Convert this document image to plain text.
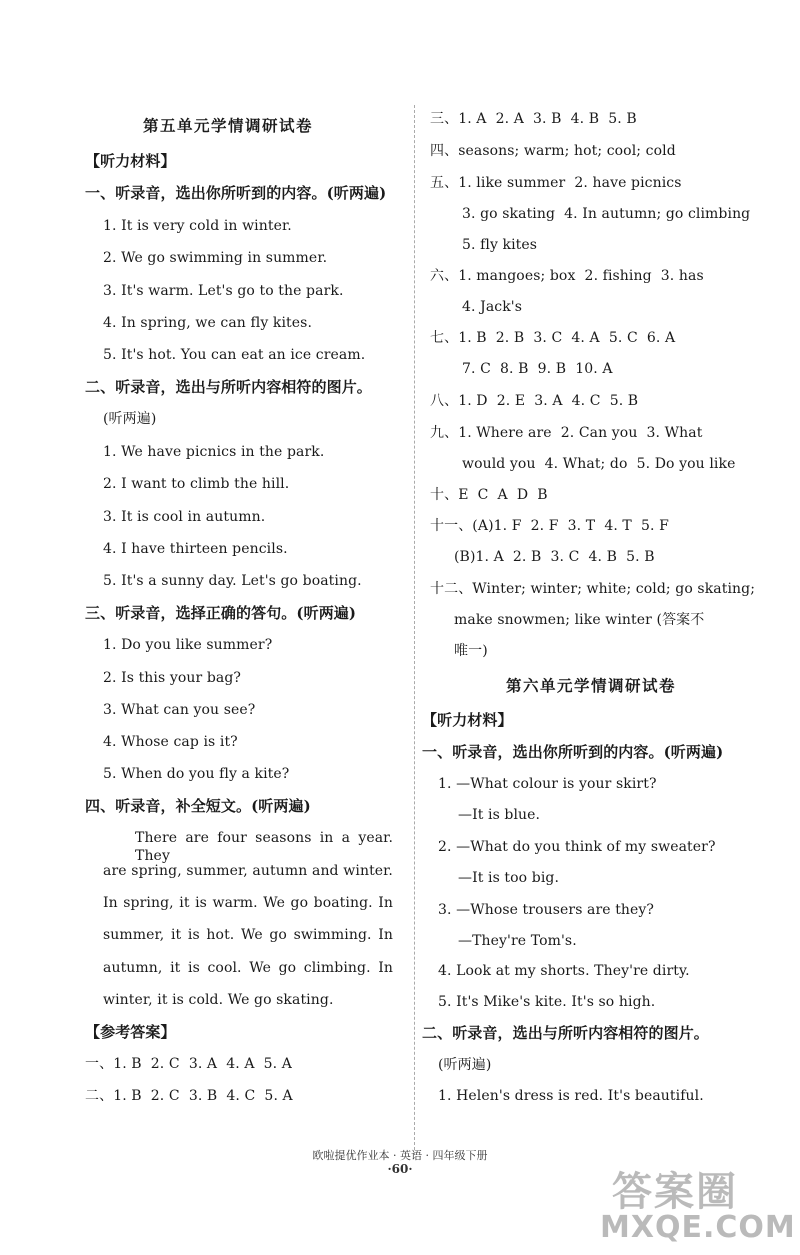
第五单元学情调研试卷
【听力材料】
一、听录音，选出你所听到的内容。(听两遍)
1. It is very cold in winter.
2. We go swimming in summer.
3. It's warm. Let's go to the park.
4. In spring, we can fly kites.
5. It's hot. You can eat an ice cream.
二、听录音，选出与所听内容相符的图片。
(听两遍)
1. We have picnics in the park.
2. I want to climb the hill.
3. It is cool in autumn.
4. I have thirteen pencils.
5. It's a sunny day. Let's go boating.
三、听录音，选择正确的答句。(听两遍)
1. Do you like summer?
2. Is this your bag?
3. What can you see?
4. Whose cap is it?
5. When do you fly a kite?
四、听录音，补全短文。(听两遍)
There are four seasons in a year. They
are spring, summer, autumn and winter.
In spring, it is warm. We go boating. In
summer, it is hot. We go swimming. In
autumn, it is cool. We go climbing. In
winter, it is cold. We go skating.
【参考答案】
一、1. B  2. C  3. A  4. A  5. A
二、1. B  2. C  3. B  4. C  5. A
三、1. A  2. A  3. B  4. B  5. B
四、seasons; warm; hot; cool; cold
五、1. like summer  2. have picnics
3. go skating  4. In autumn; go climbing
5. fly kites
六、1. mangoes; box  2. fishing  3. has
4. Jack's
七、1. B  2. B  3. C  4. A  5. C  6. A
7. C  8. B  9. B  10. A
八、1. D  2. E  3. A  4. C  5. B
九、1. Where are  2. Can you  3. What
would you  4. What; do  5. Do you like
十、E  C  A  D  B
十一、(A)1. F  2. F  3. T  4. T  5. F
(B)1. A  2. B  3. C  4. B  5. B
十二、Winter; winter; white; cold; go skating;
make snowmen; like winter (答案不
唯一)
第六单元学情调研试卷
【听力材料】
一、听录音，选出你所听到的内容。(听两遍)
1. —What colour is your skirt?
—It is blue.
2. —What do you think of my sweater?
—It is too big.
3. —Whose trousers are they?
—They're Tom's.
4. Look at my shorts. They're dirty.
5. It's Mike's kite. It's so high.
二、听录音，选出与所听内容相符的图片。
(听两遍)
1. Helen's dress is red. It's beautiful.
欧啦提优作业本 · 英语 · 四年级下册
·60·	答案圈
MXQE.COM
